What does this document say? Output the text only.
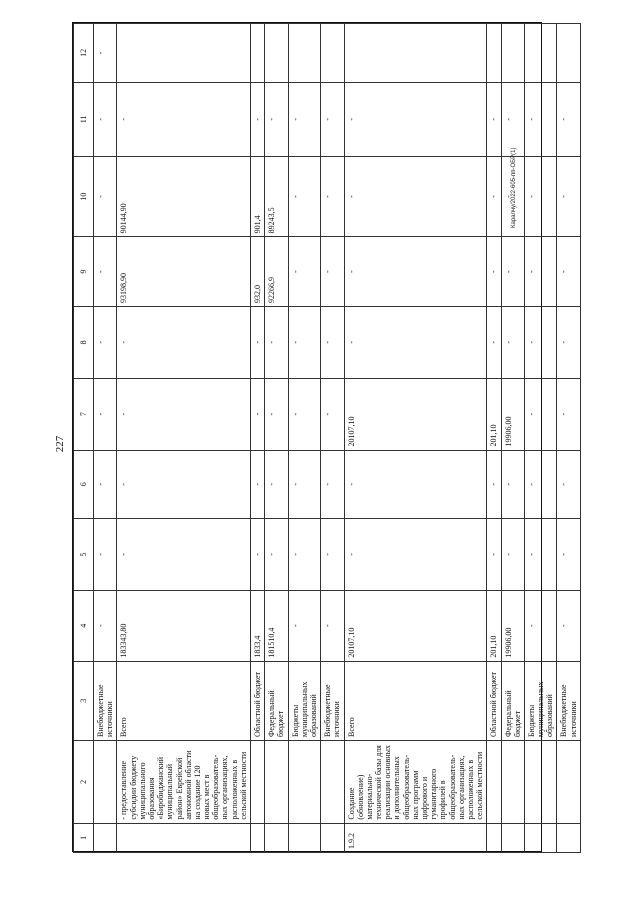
227
Каралчу/2022-605-пп-ОБР(1)
1	2	3	4	5	6	7	8	9	10	11	12
		Внебюджетные источники	-	-	-	-	-	-	-	-	-
	- предоставление субсидии бюджету муниципального образования «Биробиджанский муниципальный район» Еврейской автономной области на создание 120 новых мест в общеобразователь-ных организациях, расположенных в сельской местности	Всего	183343,80	-	-	-	-	93198,90	90144,90	-	
		Областной бюджет	1833,4	-	-	-	-	932,0	901,4	-	
		Федеральный бюджет	181510,4	-	-	-	-	92266,9	89243,5	-	
		Бюджеты муниципальных образований	-	-	-	-	-	-	-	-	
		Внебюджетные источники	-	-	-	-	-	-	-	-	
1.9.2	Создание (обновление) материально-технической базы для реализации основных и дополнительных общеобразователь-ных программ цифрового и гуманитарного профилей в общеобразователь-ных организациях, расположенных в сельской местности	Всего	20107,10	-	-	20107,10	-	-	-	-	
		Областной бюджет	201,10	-	-	201,10	-	-	-	-	
		Федеральный бюджет	19906,00	-	-	19906,00	-	-	-	-	
		Бюджеты муниципальных образований	-	-	-	-	-	-	-	-	
		Внебюджетные источники	-	-	-	-	-	-	-	-	
